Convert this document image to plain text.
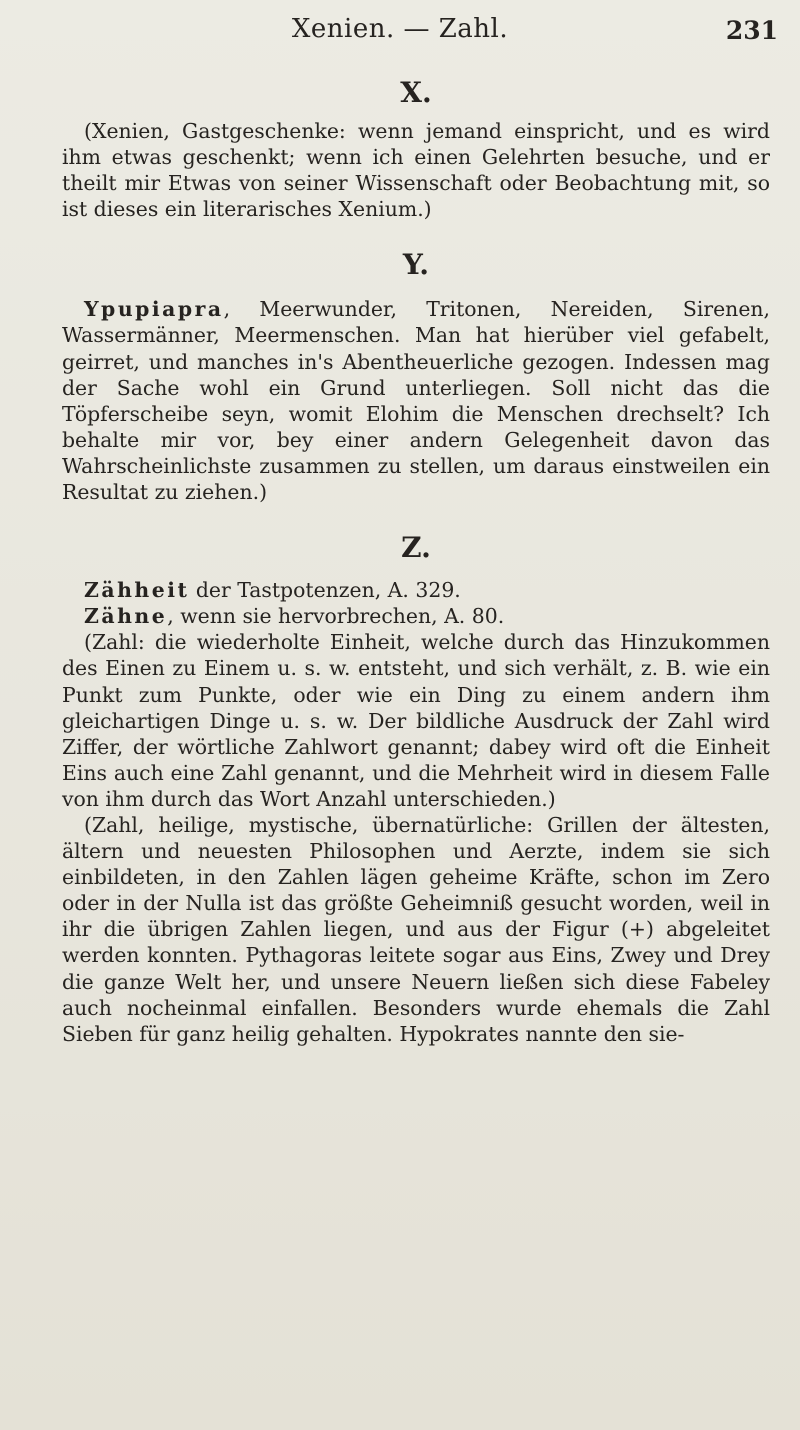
Xenien. — Zahl.	231
X.

(Xenien, Gastgeschenke: wenn jemand einspricht, und es wird ihm etwas geschenkt; wenn ich einen Gelehrten besuche, und er theilt mir Etwas von seiner Wissenschaft oder Beobachtung mit, so ist dieses ein literarisches Xenium.)

Y.

Ypupiapra, Meerwunder, Tritonen, Nereiden, Sirenen, Wassermänner, Meermenschen. Man hat hierüber viel gefabelt, geirret, und manches in's Abentheuerliche gezogen. Indessen mag der Sache wohl ein Grund unterliegen. Soll nicht das die Töpferscheibe seyn, womit Elohim die Menschen drechselt? Ich behalte mir vor, bey einer andern Gelegenheit davon das Wahrscheinlichste zusammen zu stellen, um daraus einstweilen ein Resultat zu ziehen.)

Z.

Zähheit der Tastpotenzen, A. 329.

Zähne, wenn sie hervorbrechen, A. 80.

(Zahl: die wiederholte Einheit, welche durch das Hinzukommen des Einen zu Einem u. s. w. entsteht, und sich verhält, z. B. wie ein Punkt zum Punkte, oder wie ein Ding zu einem andern ihm gleichartigen Dinge u. s. w. Der bildliche Ausdruck der Zahl wird Ziffer, der wörtliche Zahlwort genannt; dabey wird oft die Einheit Eins auch eine Zahl genannt, und die Mehrheit wird in diesem Falle von ihm durch das Wort Anzahl unterschieden.)

(Zahl, heilige, mystische, übernatürliche: Grillen der ältesten, ältern und neuesten Philosophen und Aerzte, indem sie sich einbildeten, in den Zahlen lägen geheime Kräfte, schon im Zero oder in der Nulla ist das größte Geheimniß gesucht worden, weil in ihr die übrigen Zahlen liegen, und aus der Figur (+) abgeleitet werden konnten. Pythagoras leitete sogar aus Eins, Zwey und Drey die ganze Welt her, und unsere Neuern ließen sich diese Fabeley auch nocheinmal einfallen. Besonders wurde ehemals die Zahl Sieben für ganz heilig gehalten. Hypokrates nannte den sie-
